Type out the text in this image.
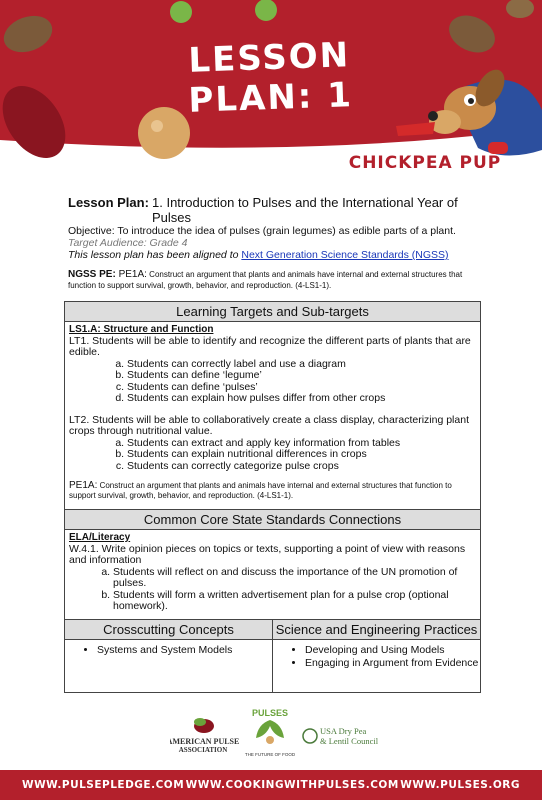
LESSON PLAN: 1
CHICKPEA PUP
Lesson Plan: 1. Introduction to Pulses and the International Year of Pulses
Objective: To introduce the idea of pulses (grain legumes) as edible parts of a plant.
Target Audience: Grade 4
This lesson plan has been aligned to Next Generation Science Standards (NGSS)
NGSS PE: PE1A: Construct an argument that plants and animals have internal and external structures that function to support survival, growth, behavior, and reproduction. (4-LS1-1).
Learning Targets and Sub-targets
LS1.A: Structure and Function
LT1. Students will be able to identify and recognize the different parts of plants that are edible.
a. Students can correctly label and use a diagram
b. Students can define ‘legume’
c. Students can define ‘pulses’
d. Students can explain how pulses differ from other crops
LT2. Students will be able to collaboratively create a class display, characterizing plant crops through nutritional value.
a. Students can extract and apply key information from tables
b. Students can explain nutritional differences in crops
c. Students can correctly categorize pulse crops
PE1A: Construct an argument that plants and animals have internal and external structures that function to support survival, growth, behavior, and reproduction. (4-LS1-1).
Common Core State Standards Connections
ELA/Literacy
W.4.1. Write opinion pieces on topics or texts, supporting a point of view with reasons and information
a. Students will reflect on and discuss the importance of the UN promotion of pulses.
b. Students will form a written advertisement plan for a pulse crop (optional homework).
Crosscutting Concepts
• Systems and System Models
Science and Engineering Practices
• Developing and Using Models
• Engaging in Argument from Evidence
AMERICAN PULSE
ASSOCIATION
PULSES
THE FUTURE OF FOOD
USA Dry Pea
& Lentil Council
WWW.PULSEPLEDGE.COM WWW.COOKINGWITHPULSES.COM WWW.PULSES.ORG
